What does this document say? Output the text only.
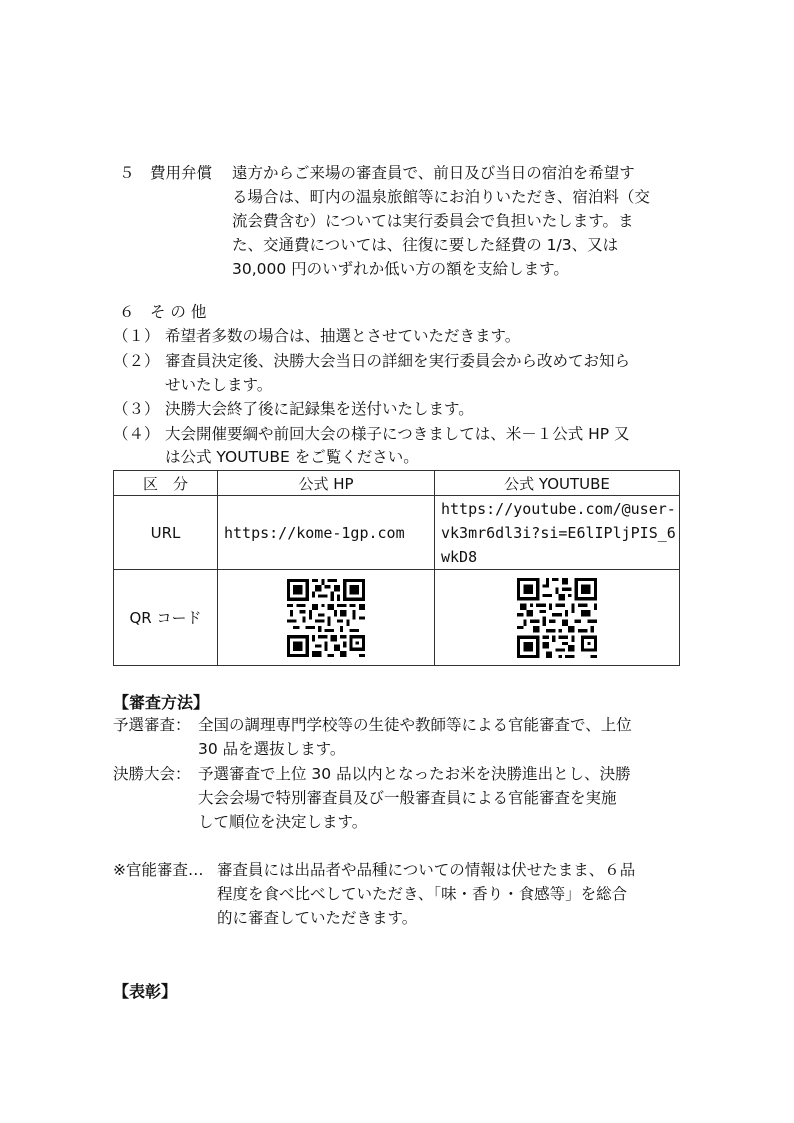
５ 費用弁償 遠方からご来場の審査員で、前日及び当日の宿泊を希望す
る場合は、町内の温泉旅館等にお泊りいただき、宿泊料（交
流会費含む）については実行委員会で負担いたします。ま
た、交通費については、往復に要した経費の 1/3、又は
30,000 円のいずれか低い方の額を支給します。
６　そ の 他
（１） 希望者多数の場合は、抽選とさせていただきます。
（２） 審査員決定後、決勝大会当日の詳細を実行委員会から改めてお知ら
せいたします。
（３） 決勝大会終了後に記録集を送付いたします。
（４） 大会開催要綱や前回大会の様子につきましては、米－１公式 HP 又
は公式 YOUTUBE をご覧ください。
区　分	公式 HP	公式 YOUTUBE
URL	https://kome-1gp.com	https://youtube.com/@user-
vk3mr6dl3i?si=E6lIPljPIS_6
wkD8

QR コード	

【審査方法】
予選審査： 全国の調理専門学校等の生徒や教師等による官能審査で、上位
30 品を選抜します。
決勝大会： 予選審査で上位 30 品以内となったお米を決勝進出とし、決勝
大会会場で特別審査員及び一般審査員による官能審査を実施
して順位を決定します。
※官能審査… 審査員には出品者や品種についての情報は伏せたまま、６品
程度を食べ比べしていただき、「味・香り・食感等」を総合
的に審査していただきます。
【表彰】
